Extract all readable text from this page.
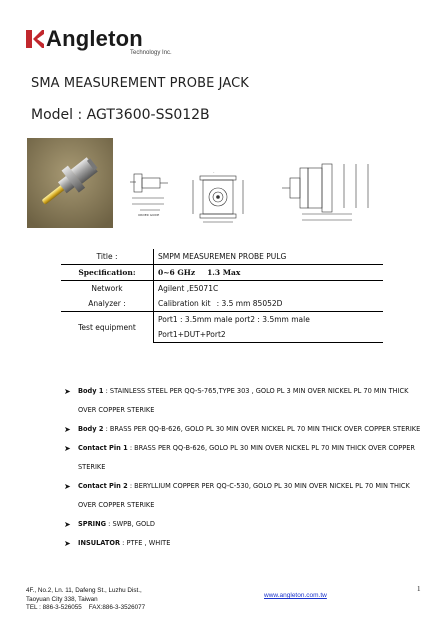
Angleton
Technology Inc.
SMA MEASUREMENT PROBE JACK
Model : AGT3600-SS012B
ORDER GUIDE
Title :	SMPM MEASUREMEN PROBE PULG
Specification:	0~6 GHz 1.3 Max
Network	Agilent ,E5071C
Analyzer :	Calibration kit : 3.5 mm 85052D
Test equipment	Port1 : 3.5mm male port2 : 3.5mm male
	Port1+DUT+Port2
➤ Body 1 : STAINLESS STEEL PER QQ-S-765,TYPE 303 , GOLO PL 3 MIN OVER NICKEL PL 70 MIN THICK OVER COPPER STERIKE
➤ Body 2 : BRASS PER QQ-B-626, GOLO PL 30 MIN OVER NICKEL PL 70 MIN THICK OVER COPPER STERIKE
➤ Contact Pin 1 : BRASS PER QQ-B-626, GOLO PL 30 MIN OVER NICKEL PL 70 MIN THICK OVER COPPER STERIKE
➤ Contact Pin 2 : BERYLLIUM COPPER PER QQ-C-530, GOLO PL 30 MIN OVER NICKEL PL 70 MIN THICK OVER COPPER STERIKE
➤ SPRING : SWPB, GOLD
➤ INSULATOR : PTFE , WHITE
4F., No.2, Ln. 11, Dafeng St., Luzhu Dist.,
Taoyuan City 338, Taiwan
TEL : 886-3-526055    FAX:886-3-3526077
www.angleton.com.tw
1
